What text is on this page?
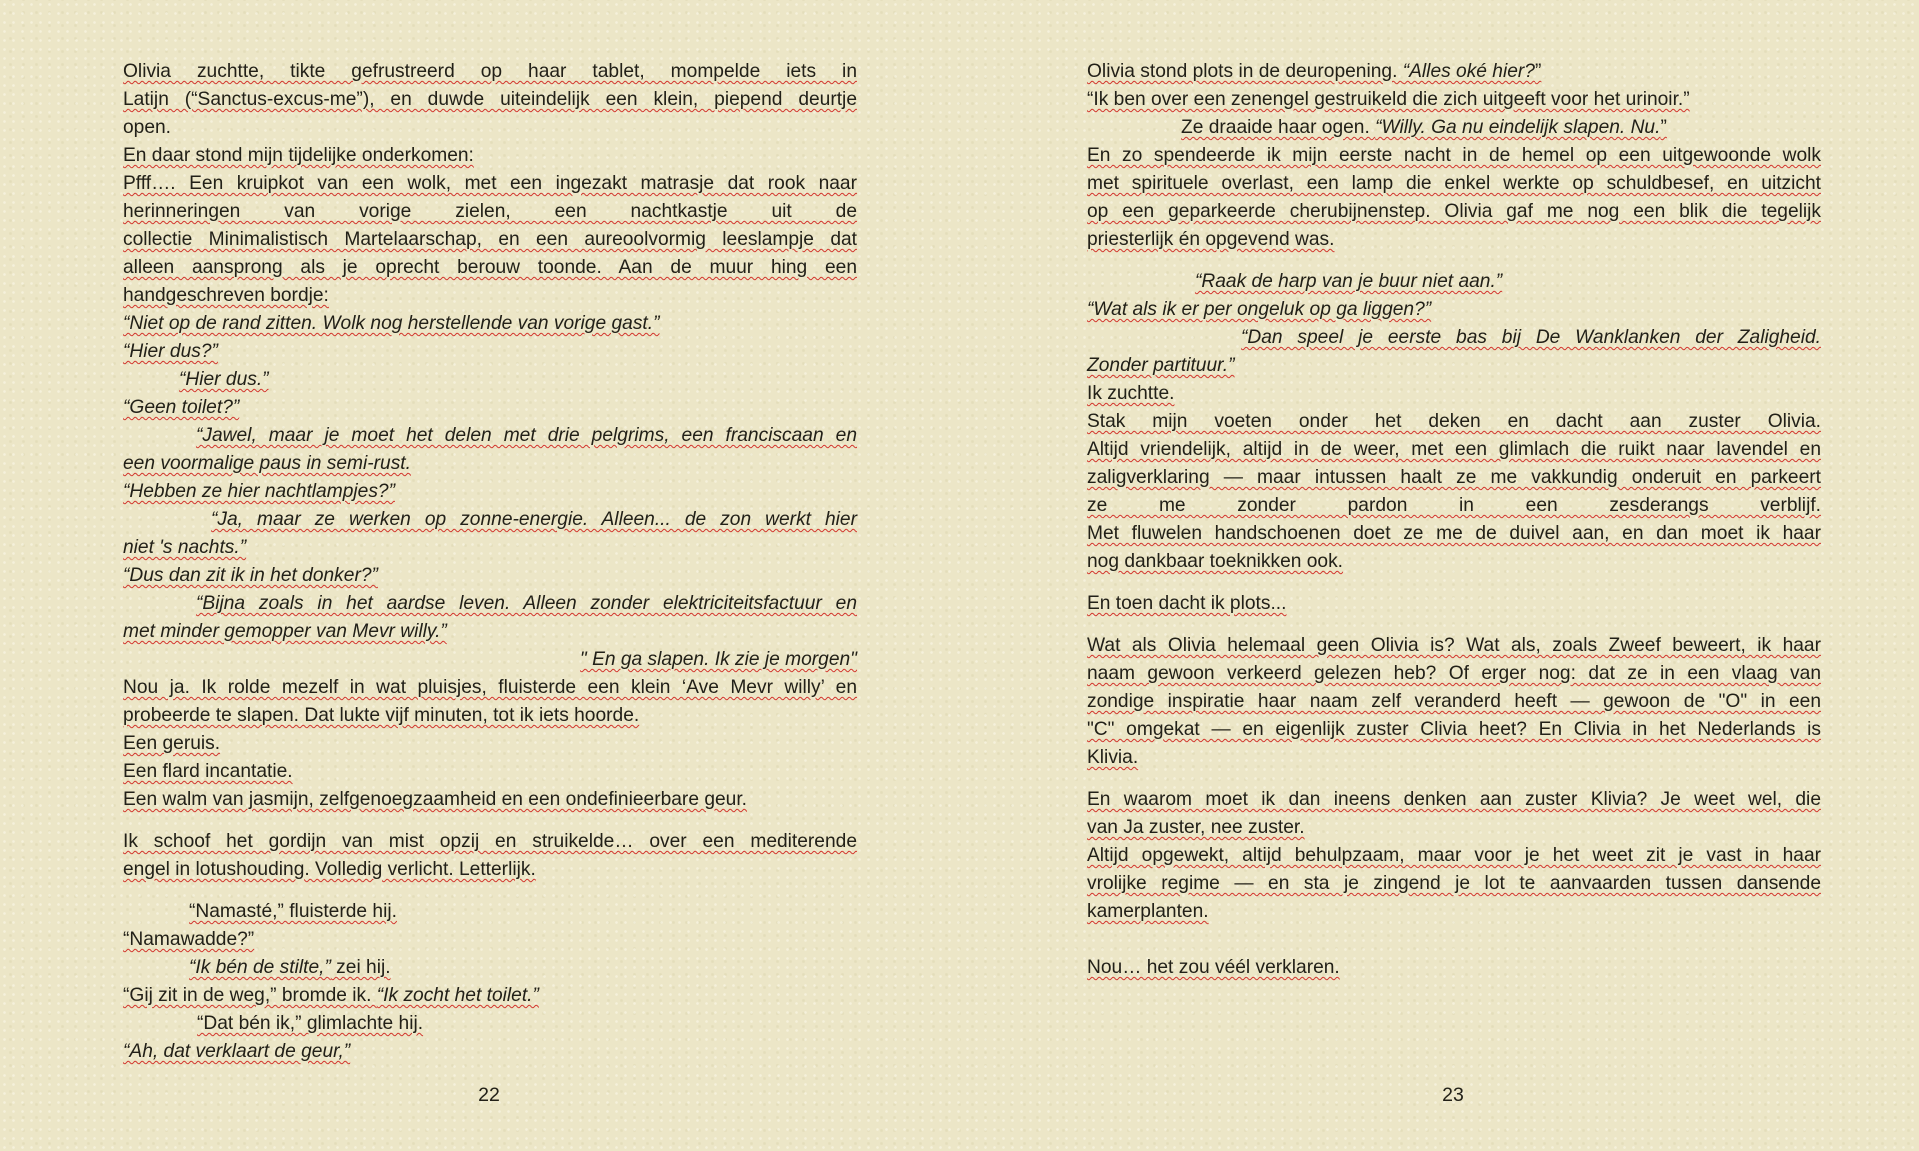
Olivia zuchtte, tikte gefrustreerd op haar tablet, mompelde iets in
Latijn (“Sanctus-excus-me”), en duwde uiteindelijk een klein, piepend deurtje
open.
En daar stond mijn tijdelijke onderkomen:
Pfff…. Een kruipkot van een wolk, met een ingezakt matrasje dat rook naar
herinneringen van vorige zielen, een nachtkastje uit de
collectie Minimalistisch Martelaarschap, en een aureoolvormig leeslampje dat
alleen aansprong als je oprecht berouw toonde. Aan de muur hing een
handgeschreven bordje:
“Niet op de rand zitten. Wolk nog herstellende van vorige gast.”
“Hier dus?”
“Hier dus.”
“Geen toilet?”
“Jawel, maar je moet het delen met drie pelgrims, een franciscaan en
een voormalige paus in semi-rust.
“Hebben ze hier nachtlampjes?”
“Ja, maar ze werken op zonne-energie. Alleen... de zon werkt hier
niet 's nachts.”
“Dus dan zit ik in het donker?”
“Bijna zoals in het aardse leven. Alleen zonder elektriciteitsfactuur en
met minder gemopper van Mevr willy.”
" En ga slapen. Ik zie je morgen"
Nou ja. Ik rolde mezelf in wat pluisjes, fluisterde een klein ‘Ave Mevr willy’ en
probeerde te slapen. Dat lukte vijf minuten, tot ik iets hoorde.
Een geruis.
Een flard incantatie.
Een walm van jasmijn, zelfgenoegzaamheid en een ondefinieerbare geur.
Ik schoof het gordijn van mist opzij en struikelde… over een mediterende
engel in lotushouding. Volledig verlicht. Letterlijk.
“Namasté,” fluisterde hij.
“Namawadde?”
“Ik bén de stilte,” zei hij.
“Gij zit in de weg,” bromde ik. “Ik zocht het toilet.”
“Dat bén ik,” glimlachte hij.
“Ah, dat verklaart de geur,”
22
Olivia stond plots in de deuropening. “Alles oké hier?”
“Ik ben over een zenengel gestruikeld die zich uitgeeft voor het urinoir.”
Ze draaide haar ogen. “Willy. Ga nu eindelijk slapen. Nu.”
En zo spendeerde ik mijn eerste nacht in de hemel op een uitgewoonde wolk
met spirituele overlast, een lamp die enkel werkte op schuldbesef, en uitzicht
op een geparkeerde cherubijnenstep. Olivia gaf me nog een blik die tegelijk
priesterlijk én opgevend was.
“Raak de harp van je buur niet aan.”
“Wat als ik er per ongeluk op ga liggen?”
“Dan speel je eerste bas bij De Wanklanken der Zaligheid.
Zonder partituur.”
Ik zuchtte.
Stak mijn voeten onder het deken en dacht aan zuster Olivia.
Altijd vriendelijk, altijd in de weer, met een glimlach die ruikt naar lavendel en
zaligverklaring — maar intussen haalt ze me vakkundig onderuit en parkeert
ze me zonder pardon in een zesderangs verblijf.
Met fluwelen handschoenen doet ze me de duivel aan, en dan moet ik haar
nog dankbaar toeknikken ook.
En toen dacht ik plots...
Wat als Olivia helemaal geen Olivia is? Wat als, zoals Zweef beweert, ik haar
naam gewoon verkeerd gelezen heb? Of erger nog: dat ze in een vlaag van
zondige inspiratie haar naam zelf veranderd heeft — gewoon de "O" in een
"C" omgekat — en eigenlijk zuster Clivia heet? En Clivia in het Nederlands is
Klivia.
En waarom moet ik dan ineens denken aan zuster Klivia? Je weet wel, die
van Ja zuster, nee zuster.
Altijd opgewekt, altijd behulpzaam, maar voor je het weet zit je vast in haar
vrolijke regime — en sta je zingend je lot te aanvaarden tussen dansende
kamerplanten.
Nou… het zou véél verklaren.
23
